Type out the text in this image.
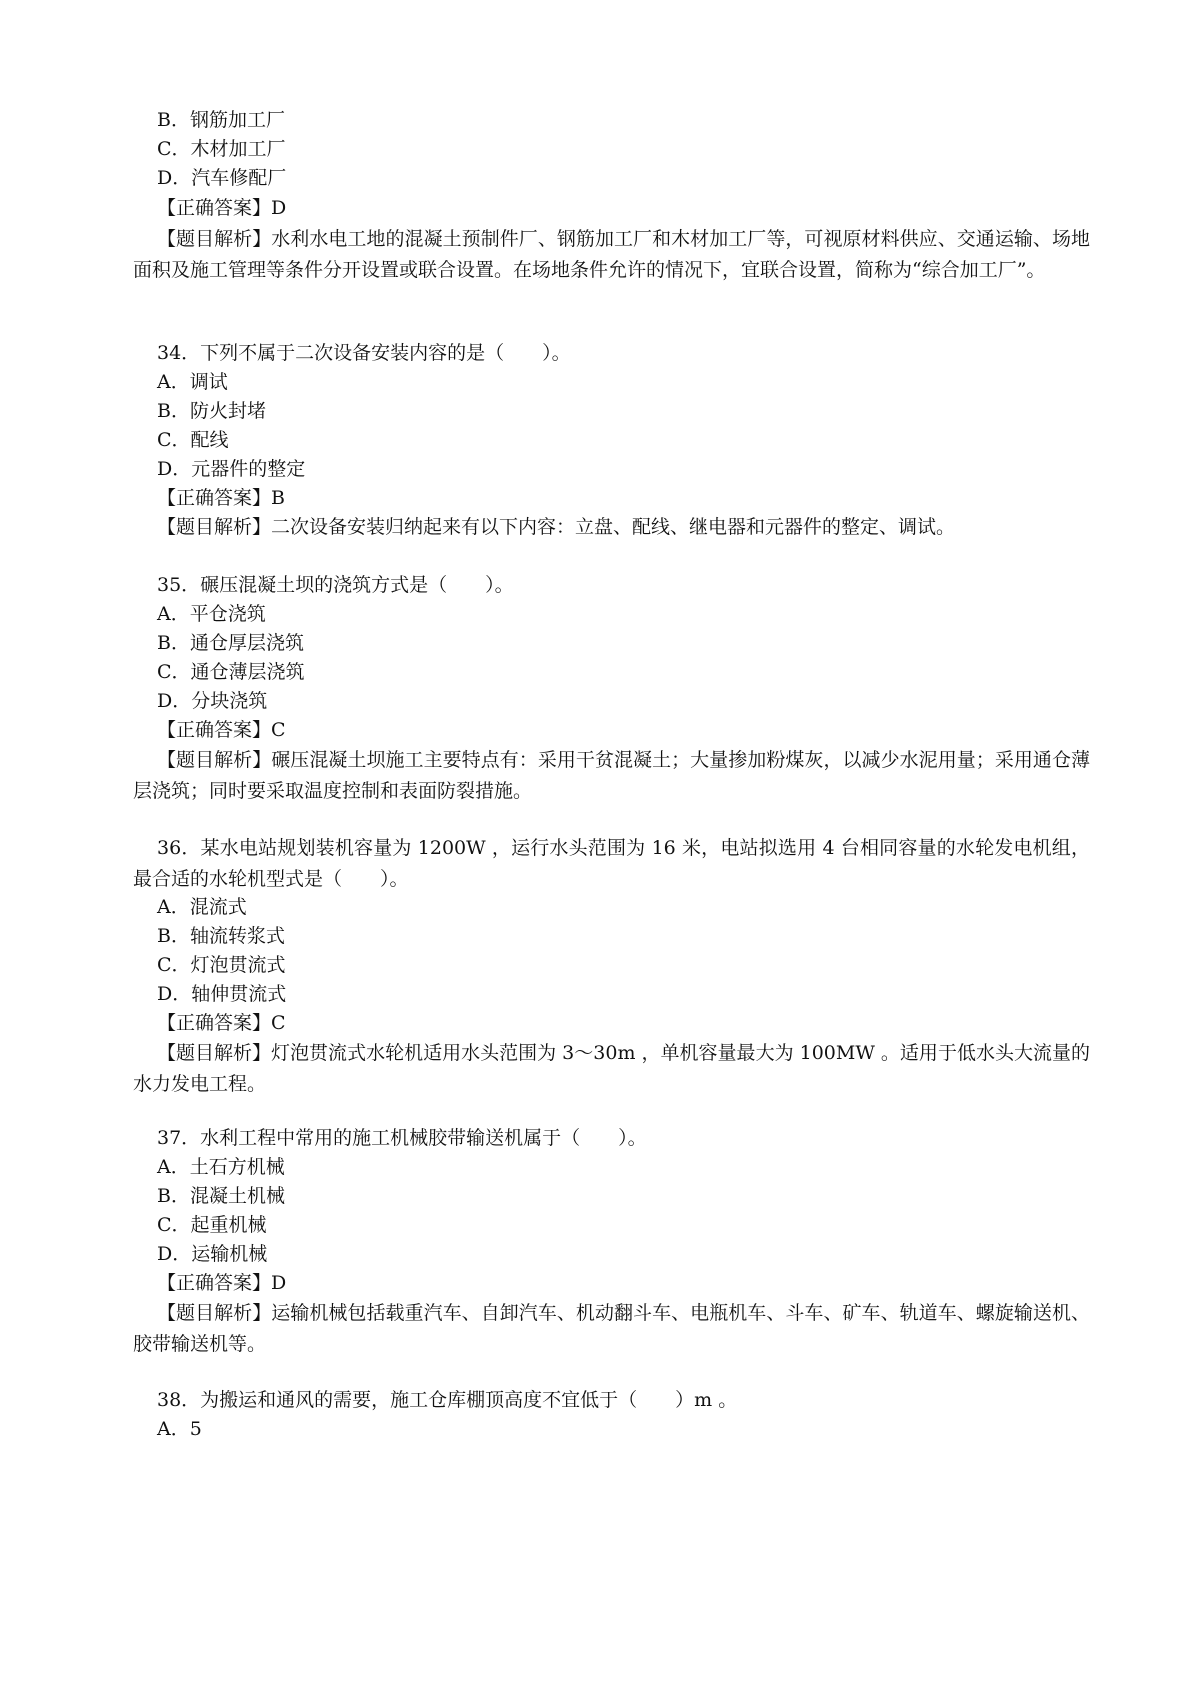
B．钢筋加工厂
C．木材加工厂
D．汽车修配厂
【正确答案】D
【题目解析】水利水电工地的混凝土预制件厂、钢筋加工厂和木材加工厂等，可视原材料供应、交通运输、场地面积及施工管理等条件分开设置或联合设置。在场地条件允许的情况下，宜联合设置，简称为“综合加工厂”。
34．下列不属于二次设备安装内容的是（　　）。
A．调试
B．防火封堵
C．配线
D．元器件的整定
【正确答案】B
【题目解析】二次设备安装归纳起来有以下内容：立盘、配线、继电器和元器件的整定、调试。
35．碾压混凝土坝的浇筑方式是（　　）。
A．平仓浇筑
B．通仓厚层浇筑
C．通仓薄层浇筑
D．分块浇筑
【正确答案】C
【题目解析】碾压混凝土坝施工主要特点有：采用干贫混凝土；大量掺加粉煤灰，以减少水泥用量；采用通仓薄层浇筑；同时要采取温度控制和表面防裂措施。
36．某水电站规划装机容量为 1200W ，运行水头范围为 16 米，电站拟选用 4 台相同容量的水轮发电机组，最合适的水轮机型式是（　　）。
A．混流式
B．轴流转浆式
C．灯泡贯流式
D．轴伸贯流式
【正确答案】C
【题目解析】灯泡贯流式水轮机适用水头范围为 3～30m ，单机容量最大为 100MW 。适用于低水头大流量的水力发电工程。
37．水利工程中常用的施工机械胶带输送机属于（　　）。
A．土石方机械
B．混凝土机械
C．起重机械
D．运输机械
【正确答案】D
【题目解析】运输机械包括载重汽车、自卸汽车、机动翻斗车、电瓶机车、斗车、矿车、轨道车、螺旋输送机、胶带输送机等。
38．为搬运和通风的需要，施工仓库棚顶高度不宜低于（　　）m 。
A．5
